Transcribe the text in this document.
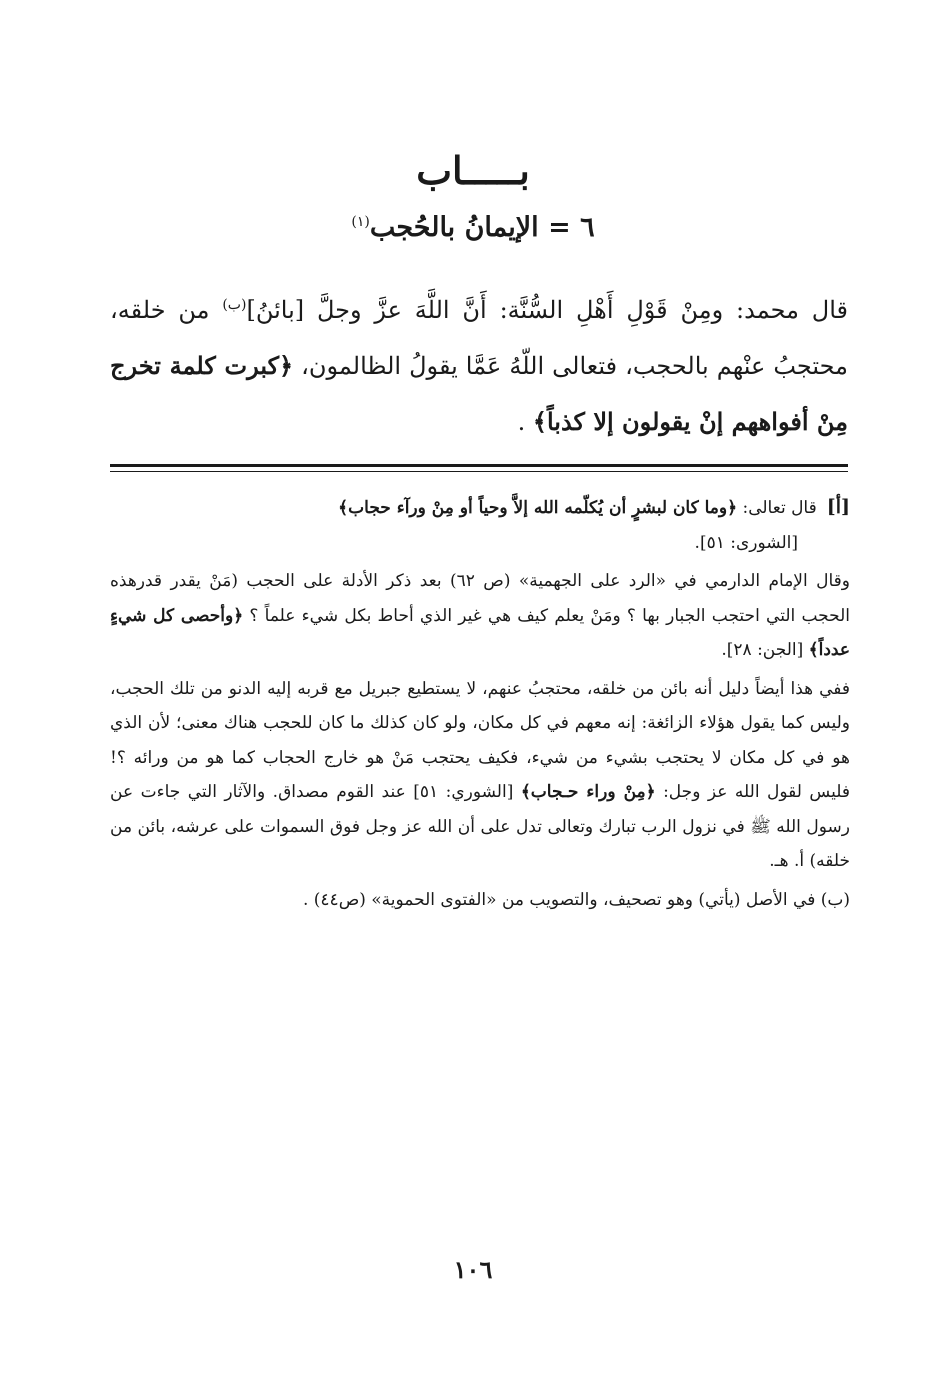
بـــــاب
٦ = الإيمانُ بالحُجب$^{(١)}$
قال محمد: ومِنْ قَوْلِ أَهْلِ السُّنَّة: أَنَّ اللَّهَ عزَّ وجلَّ [بائنُ]$^{(ب)}$ من خلقه، محتجبُ عنْهم بالحجب، فتعالى اللّهُ عَمَّا يقولُ الظالمون، ﴿كبرت كلمة تخرج مِنْ أفواههم إنْ يقولون إلا كذباً﴾ .
[أ]قال تعالى: ﴿وما كان لبشرٍ أن يُكلّمه الله إلاَّ وحياً أو مِنْ ورآء حجاب﴾
[الشورى: ٥١].
وقال الإمام الدارمي في «الرد على الجهمية» (ص ٦٢) بعد ذكر الأدلة على الحجب (مَنْ يقدر قدرهذه الحجب التي احتجب الجبار بها ؟ ومَنْ يعلم كيف هي غير الذي أحاط بكل شيء علماً ؟ ﴿وأحصى كل شيءٍ عدداً﴾ [الجن: ٢٨].
ففي هذا أيضاً دليل أنه بائن من خلقه، محتجبُ عنهم، لا يستطيع جبريل مع قربه إليه الدنو من تلك الحجب، وليس كما يقول هؤلاء الزائغة: إنه معهم في كل مكان، ولو كان كذلك ما كان للحجب هناك معنى؛ لأن الذي هو في كل مكان لا يحتجب بشيء من شيء، فكيف يحتجب مَنْ هو خارج الحجاب كما هو من ورائه ؟! فليس لقول الله عز وجل: ﴿مِنْ وراء حـجاب﴾ [الشوري: ٥١] عند القوم مصداق. والآثار التي جاءت عن رسول الله ﷺ في نزول الرب تبارك وتعالى تدل على أن الله عز وجل فوق السموات على عرشه، بائن من خلقه) أ. هـ.
(ب) في الأصل (يأتي) وهو تصحيف، والتصويب من «الفتوى الحموية» (ص٤٤) .
١٠٦
